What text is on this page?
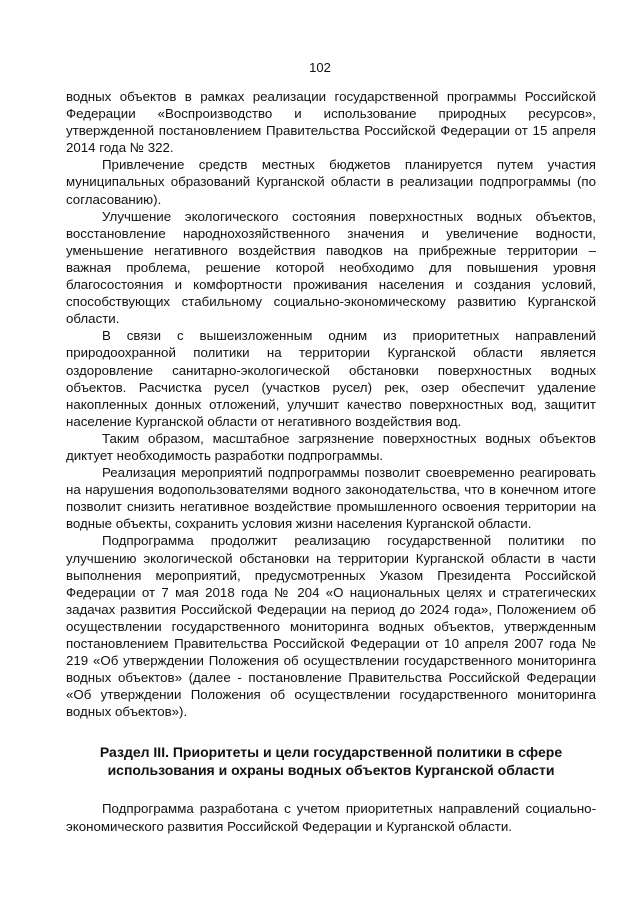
102

водных объектов в рамках реализации государственной программы Российской Федерации «Воспроизводство и использование природных ресурсов», утвержденной постановлением Правительства Российской Федерации от 15 апреля 2014 года № 322.

Привлечение средств местных бюджетов планируется путем участия муниципальных образований Курганской области в реализации подпрограммы (по согласованию).

Улучшение экологического состояния поверхностных водных объектов, восстановление народнохозяйственного значения и увеличение водности, уменьшение негативного воздействия паводков на прибрежные территории – важная проблема, решение которой необходимо для повышения уровня благосостояния и комфортности проживания населения и создания условий, способствующих стабильному социально-экономическому развитию Курганской области.

В связи с вышеизложенным одним из приоритетных направлений природоохранной политики на территории Курганской области является оздоровление санитарно-экологической обстановки поверхностных водных объектов. Расчистка русел (участков русел) рек, озер обеспечит удаление накопленных донных отложений, улучшит качество поверхностных вод, защитит население Курганской области от негативного воздействия вод.

Таким образом, масштабное загрязнение поверхностных водных объектов диктует необходимость разработки подпрограммы.

Реализация мероприятий подпрограммы позволит своевременно реагировать на нарушения водопользователями водного законодательства, что в конечном итоге позволит снизить негативное воздействие промышленного освоения территории на водные объекты, сохранить условия жизни населения Курганской области.

Подпрограмма продолжит реализацию государственной политики по улучшению экологической обстановки на территории Курганской области в части выполнения мероприятий, предусмотренных Указом Президента Российской Федерации от 7 мая 2018 года № 204 «О национальных целях и стратегических задачах развития Российской Федерации на период до 2024 года», Положением об осуществлении государственного мониторинга водных объектов, утвержденным постановлением Правительства Российской Федерации от 10 апреля 2007 года № 219 «Об утверждении Положения об осуществлении государственного мониторинга водных объектов» (далее - постановление Правительства Российской Федерации «Об утверждении Положения об осуществлении государственного мониторинга водных объектов»).

Раздел III. Приоритеты и цели государственной политики в сфере использования и охраны водных объектов Курганской области

Подпрограмма разработана с учетом приоритетных направлений социально-экономического развития Российской Федерации и Курганской области.
